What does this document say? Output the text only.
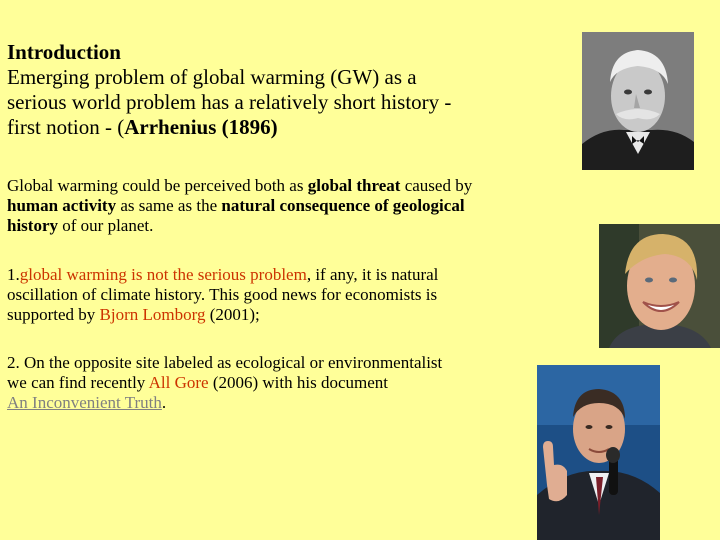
Introduction
Emerging problem of global warming (GW) as a
serious world problem has a relatively short history -
first notion - (Arrhenius (1896)
Global warming could be perceived both as global threat caused by
human activity as same as the natural consequence of geological
history of our planet.
1.global warming is not the serious problem, if any, it is natural
oscillation of climate history. This good news for economists is
supported by Bjorn Lomborg (2001);
2. On the opposite site labeled as ecological or environmentalist
we can find recently All Gore (2006) with his document
An Inconvenient Truth.
